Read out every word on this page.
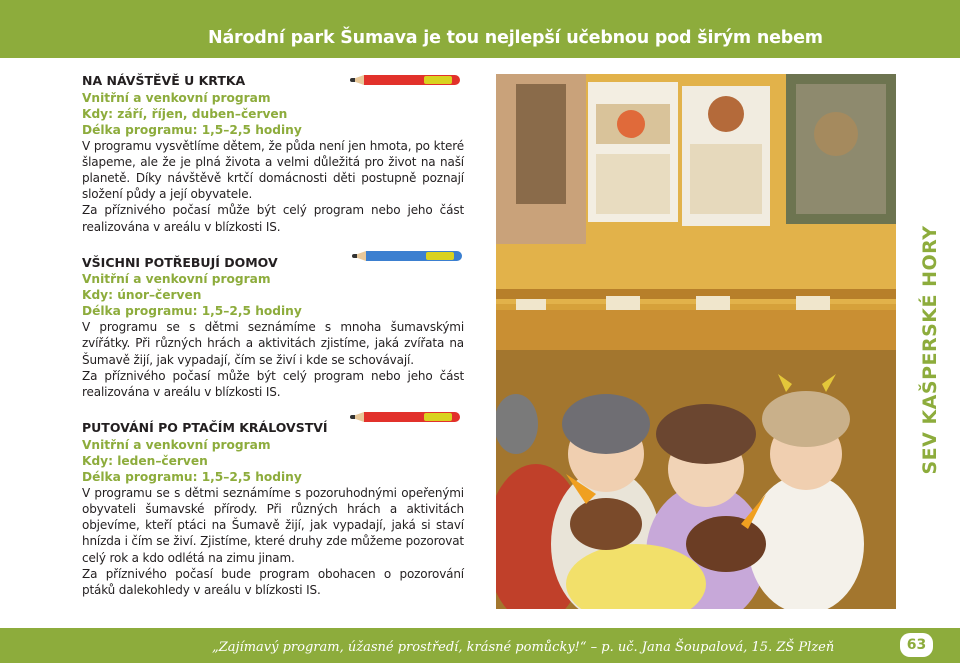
Národní park Šumava je tou nejlepší učebnou pod širým nebem
SEV KAŠPERSKÉ HORY
NA NÁVŠTĚVĚ U KRTKA

Vnitřní a venkovní program

Kdy: září, říjen, duben–červen

Délka programu: 1,5–2,5 hodiny

V programu vysvětlíme dětem, že půda není jen hmota, po které šlapeme, ale že je plná života a velmi důležitá pro život na naší planetě. Díky návštěvě krtčí domácnosti děti postupně poznají složení půdy a její obyvatele.

Za příznivého počasí může být celý program nebo jeho část realizována v areálu v blízkosti IS.

VŠICHNI POTŘEBUJÍ DOMOV

Vnitřní a venkovní program

Kdy: únor–červen

Délka programu: 1,5–2,5 hodiny

V programu se s dětmi seznámíme s mnoha šumavskými zvířátky. Při různých hrách a aktivitách zjistíme, jaká zvířata na Šumavě žijí, jak vypadají, čím se živí i kde se schovávají.

Za příznivého počasí může být celý program nebo jeho část realizována v areálu v blízkosti IS.

PUTOVÁNÍ PO PTAČÍM KRÁLOVSTVÍ

Vnitřní a venkovní program

Kdy: leden–červen

Délka programu: 1,5–2,5 hodiny

V programu se s dětmi seznámíme s pozoruhodnými opeřenými obyvateli šumavské přírody. Při různých hrách a aktivitách objevíme, kteří ptáci na Šumavě žijí, jak vypadají, jaká si staví hnízda i čím se živí. Zjistíme, které druhy zde můžeme pozorovat celý rok a kdo odlétá na zimu jinam.

Za příznivého počasí bude program obohacen o pozorování ptáků dalekohledy v areálu v blízkosti IS.

„Zajímavý program, úžasné prostředí, krásné pomůcky!“ – p. uč. Jana Šoupalová, 15. ZŠ Plzeň	63
